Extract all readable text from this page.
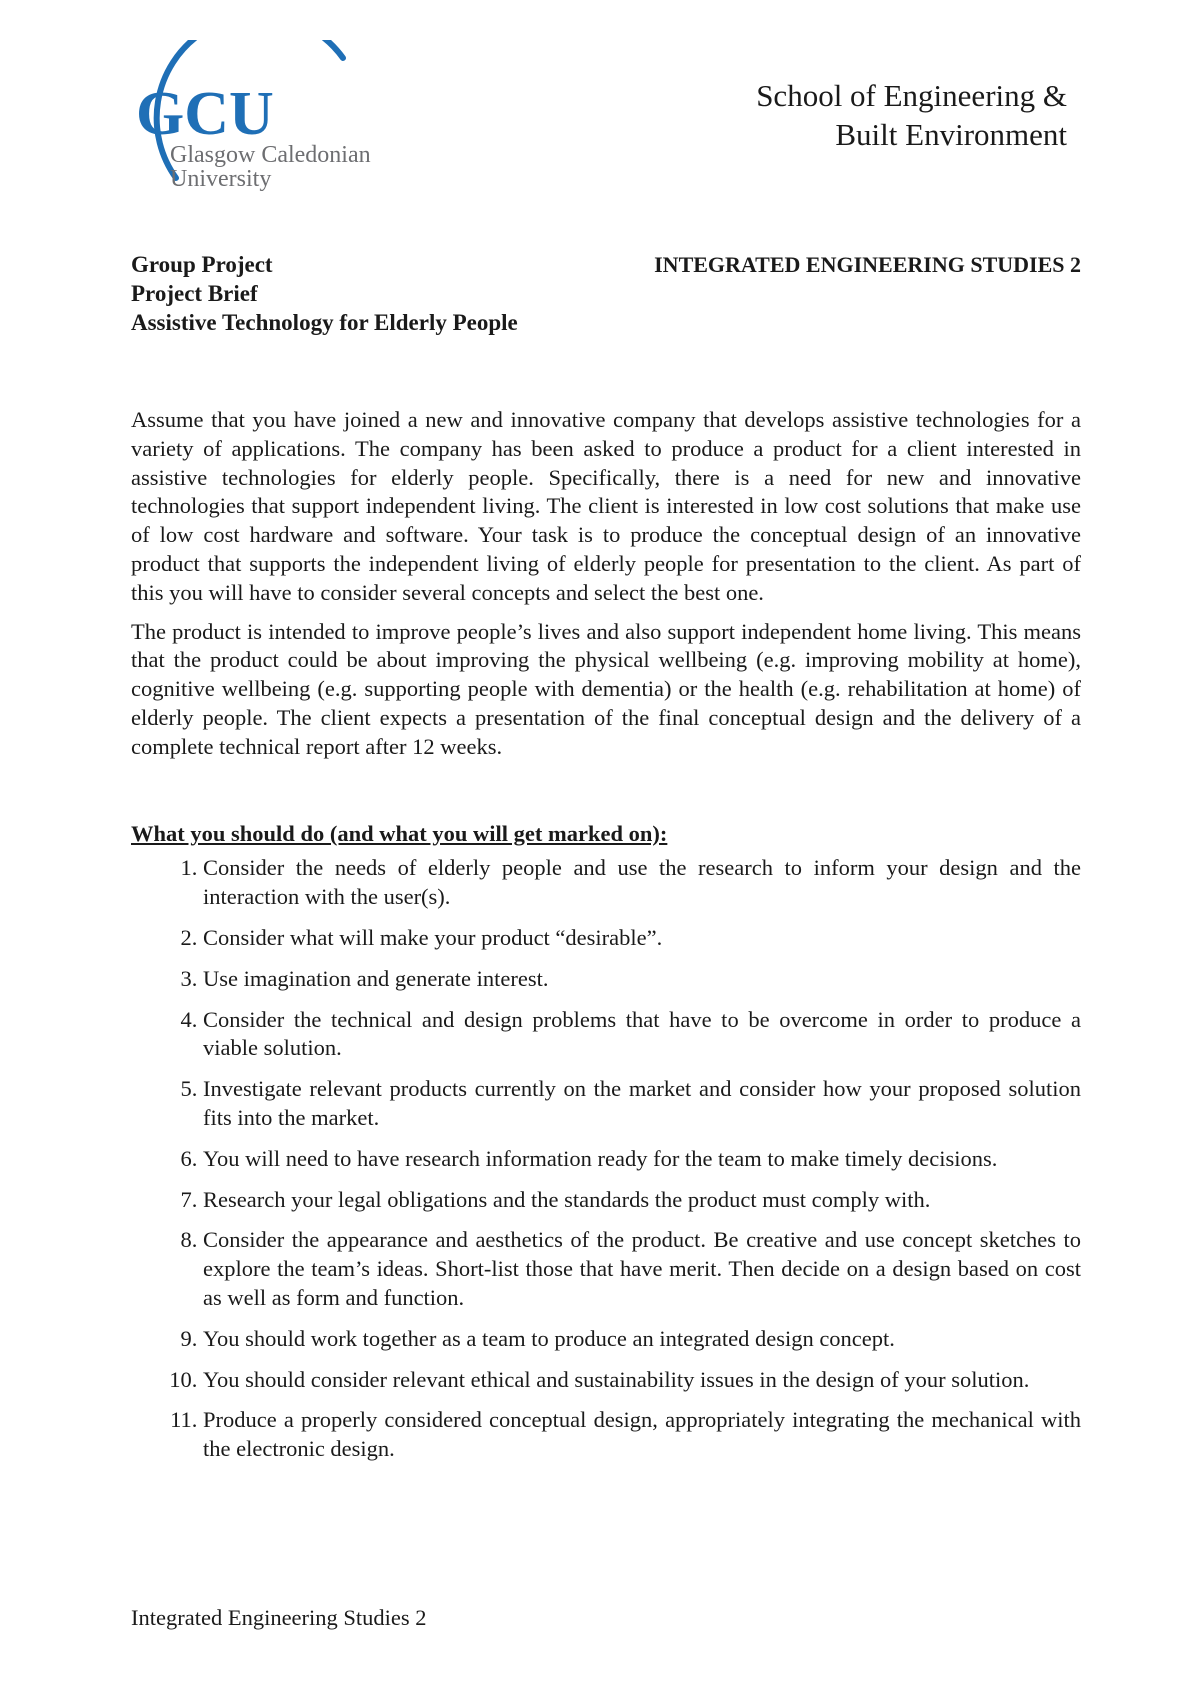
GCU
Glasgow Caledonian
University
School of Engineering &
Built Environment
Group Project
Project Brief
Assistive Technology for Elderly People
INTEGRATED ENGINEERING STUDIES 2

Assume that you have joined a new and innovative company that develops assistive technologies for a variety of applications. The company has been asked to produce a product for a client interested in assistive technologies for elderly people. Specifically, there is a need for new and innovative technologies that support independent living. The client is interested in low cost solutions that make use of low cost hardware and software. Your task is to produce the conceptual design of an innovative product that supports the independent living of elderly people for presentation to the client. As part of this you will have to consider several concepts and select the best one.

The product is intended to improve people’s lives and also support independent home living. This means that the product could be about improving the physical wellbeing (e.g. improving mobility at home), cognitive wellbeing (e.g. supporting people with dementia) or the health (e.g. rehabilitation at home) of elderly people. The client expects a presentation of the final conceptual design and the delivery of a complete technical report after 12 weeks.

What you should do (and what you will get marked on):
1. Consider the needs of elderly people and use the research to inform your design and the interaction with the user(s).
2. Consider what will make your product “desirable”.
3. Use imagination and generate interest.
4. Consider the technical and design problems that have to be overcome in order to produce a viable solution.
5. Investigate relevant products currently on the market and consider how your proposed solution fits into the market.
6. You will need to have research information ready for the team to make timely decisions.
7. Research your legal obligations and the standards the product must comply with.
8. Consider the appearance and aesthetics of the product. Be creative and use concept sketches to explore the team’s ideas. Short-list those that have merit. Then decide on a design based on cost as well as form and function.
9. You should work together as a team to produce an integrated design concept.
10. You should consider relevant ethical and sustainability issues in the design of your solution.
11. Produce a properly considered conceptual design, appropriately integrating the mechanical with the electronic design.
Integrated Engineering Studies 2
